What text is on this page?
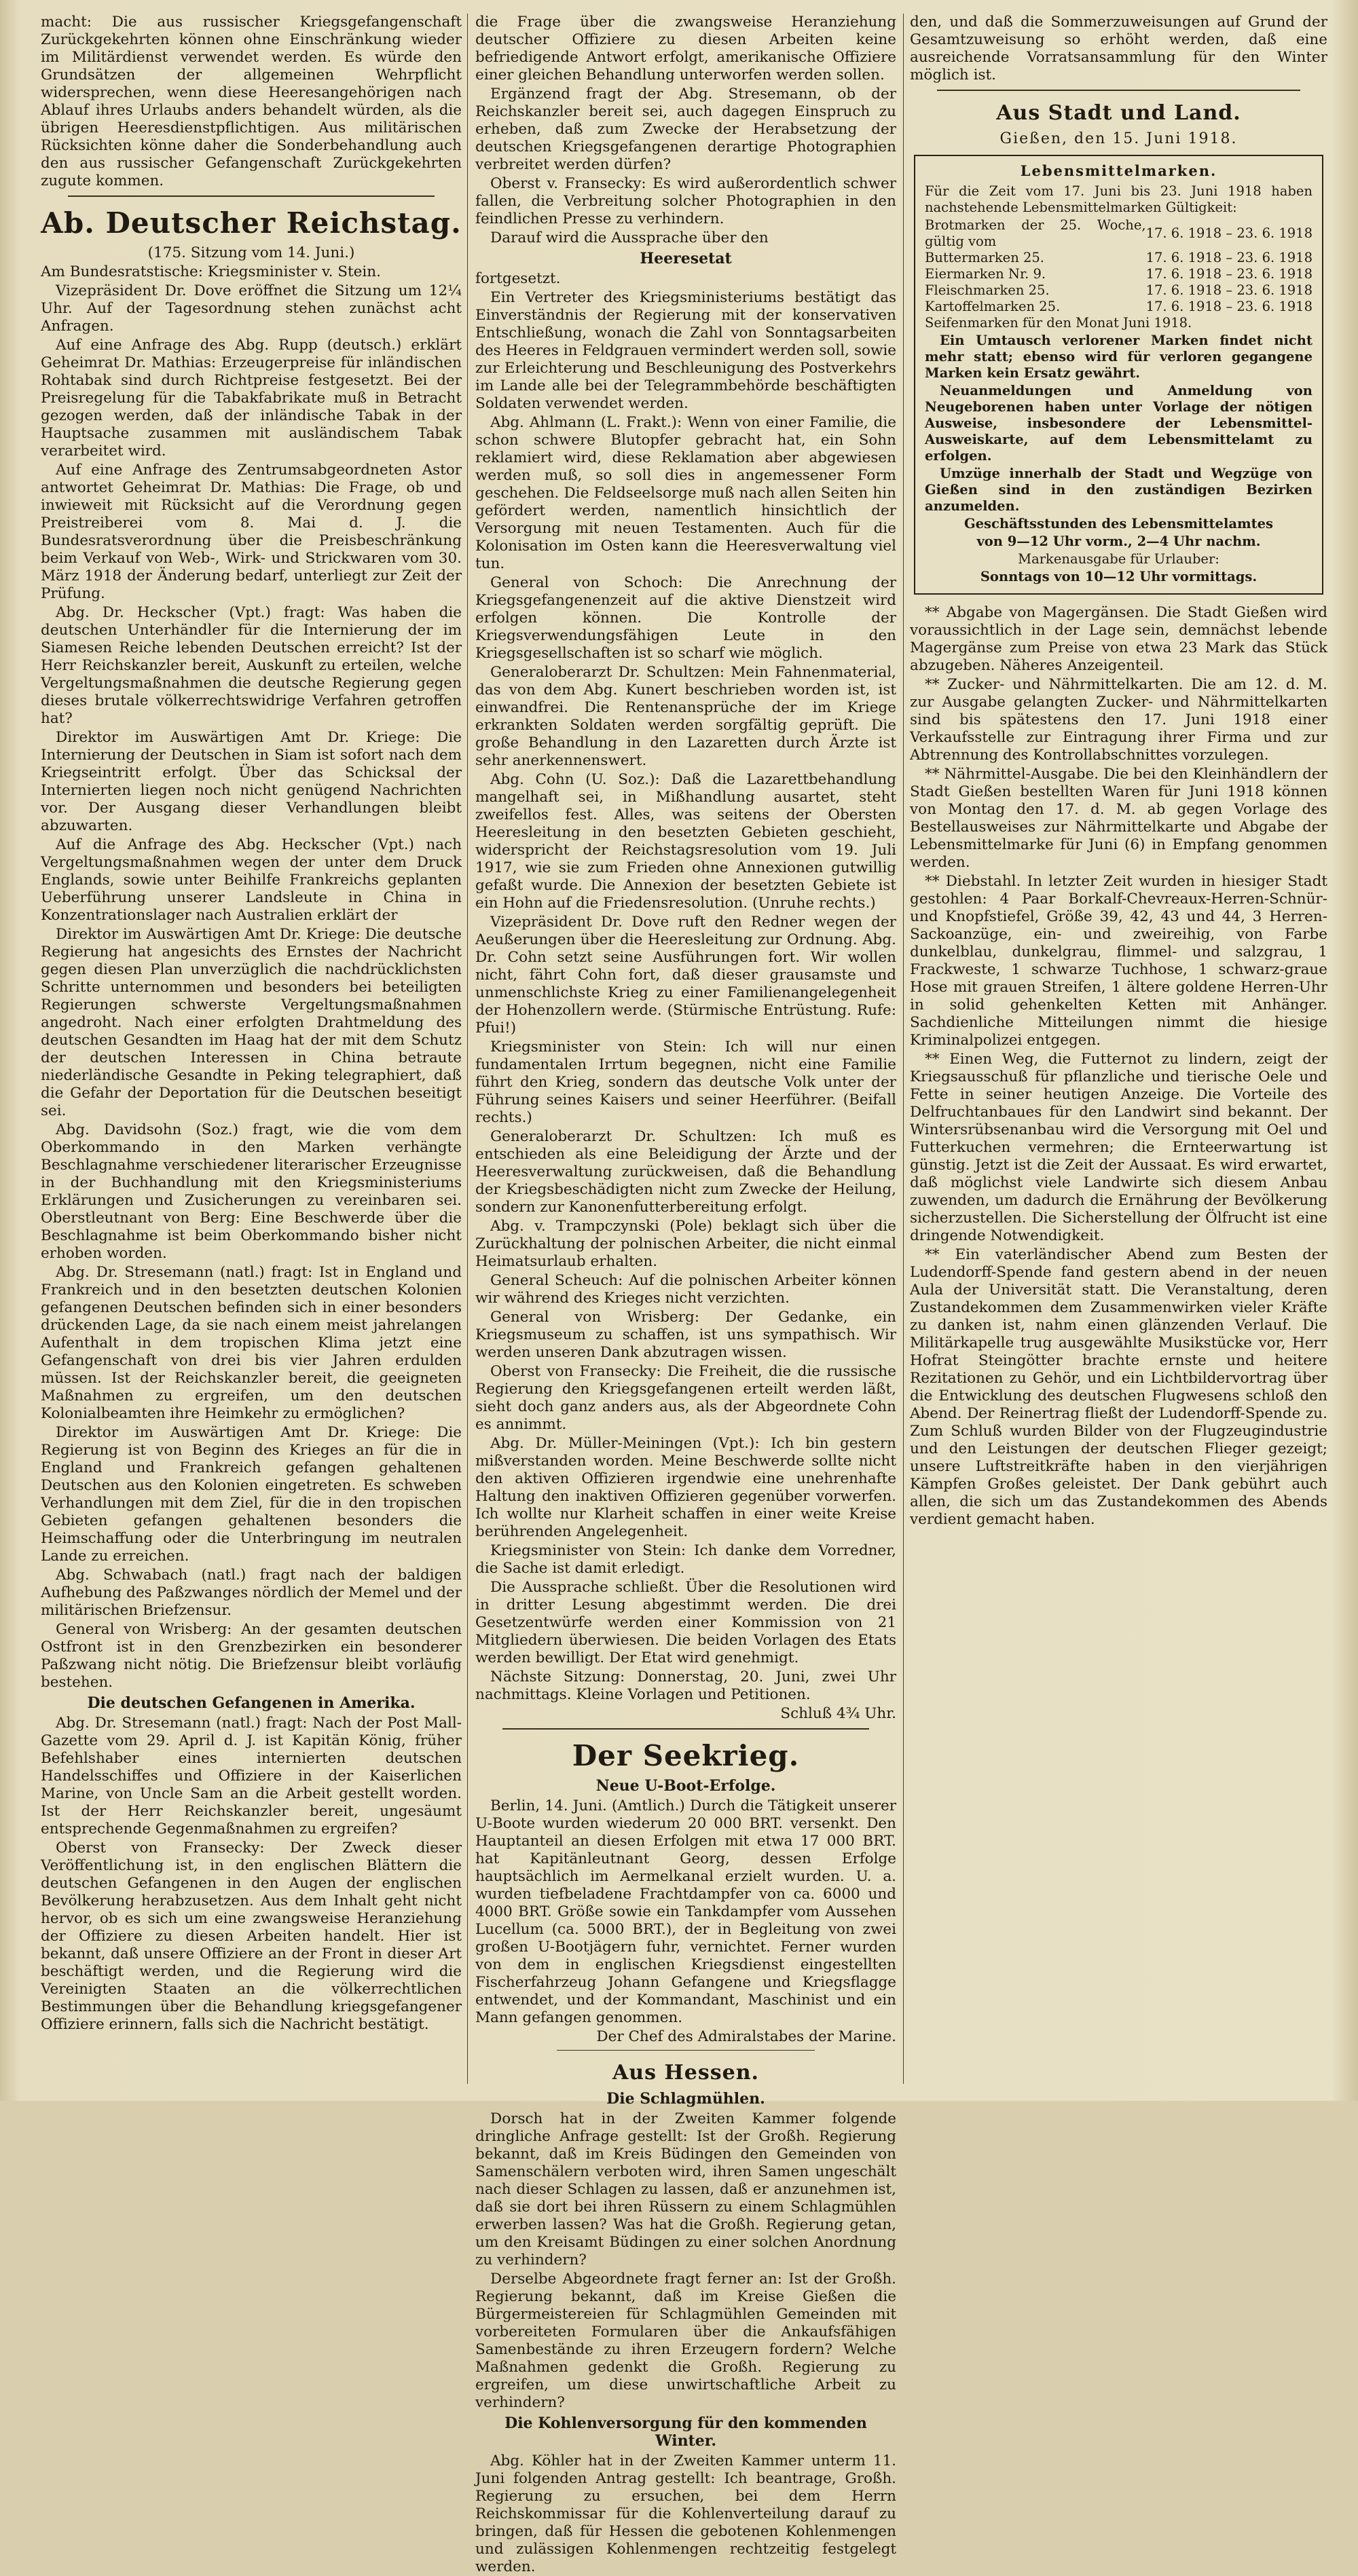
macht: Die aus russischer Kriegsgefangenschaft Zurückgekehrten können ohne Einschränkung wieder im Militärdienst verwendet werden. Es würde den Grundsätzen der allgemeinen Wehrpflicht widersprechen, wenn diese Heeresangehörigen nach Ablauf ihres Urlaubs anders behandelt würden, als die übrigen Heeresdienstpflichtigen. Aus militärischen Rücksichten könne daher die Sonderbehandlung auch den aus russischer Gefangenschaft Zurückgekehrten zugute kommen.

Ab. Deutscher Reichstag.

(175. Sitzung vom 14. Juni.)

Am Bundesratstische: Kriegsminister v. Stein.

Vizepräsident Dr. Dove eröffnet die Sitzung um 12¼ Uhr. Auf der Tagesordnung stehen zunächst acht Anfragen.

Auf eine Anfrage des Abg. Rupp (deutsch.) erklärt Geheimrat Dr. Mathias: Erzeugerpreise für inländischen Rohtabak sind durch Richtpreise festgesetzt. Bei der Preisregelung für die Tabakfabrikate muß in Betracht gezogen werden, daß der inländische Tabak in der Hauptsache zusammen mit ausländischem Tabak verarbeitet wird.

Auf eine Anfrage des Zentrumsabgeordneten Astor antwortet Geheimrat Dr. Mathias: Die Frage, ob und inwieweit mit Rücksicht auf die Verordnung gegen Preistreiberei vom 8. Mai d. J. die Bundesratsverordnung über die Preisbeschränkung beim Verkauf von Web-, Wirk- und Strickwaren vom 30. März 1918 der Änderung bedarf, unterliegt zur Zeit der Prüfung.

Abg. Dr. Heckscher (Vpt.) fragt: Was haben die deutschen Unterhändler für die Internierung der im Siamesen Reiche lebenden Deutschen erreicht? Ist der Herr Reichskanzler bereit, Auskunft zu erteilen, welche Vergeltungsmaßnahmen die deutsche Regierung gegen dieses brutale völkerrechtswidrige Verfahren getroffen hat?

Direktor im Auswärtigen Amt Dr. Kriege: Die Internierung der Deutschen in Siam ist sofort nach dem Kriegseintritt erfolgt. Über das Schicksal der Internierten liegen noch nicht genügend Nachrichten vor. Der Ausgang dieser Verhandlungen bleibt abzuwarten.

Auf die Anfrage des Abg. Heckscher (Vpt.) nach Vergeltungsmaßnahmen wegen der unter dem Druck Englands, sowie unter Beihilfe Frankreichs geplanten Ueberführung unserer Landsleute in China in Konzentrationslager nach Australien erklärt der

Direktor im Auswärtigen Amt Dr. Kriege: Die deutsche Regierung hat angesichts des Ernstes der Nachricht gegen diesen Plan unverzüglich die nachdrücklichsten Schritte unternommen und besonders bei beteiligten Regierungen schwerste Vergeltungsmaßnahmen angedroht. Nach einer erfolgten Drahtmeldung des deutschen Gesandten im Haag hat der mit dem Schutz der deutschen Interessen in China betraute niederländische Gesandte in Peking telegraphiert, daß die Gefahr der Deportation für die Deutschen beseitigt sei.

Abg. Davidsohn (Soz.) fragt, wie die vom dem Oberkommando in den Marken verhängte Beschlagnahme verschiedener literarischer Erzeugnisse in der Buchhandlung mit den Kriegsministeriums Erklärungen und Zusicherungen zu vereinbaren sei. Oberstleutnant von Berg: Eine Beschwerde über die Beschlagnahme ist beim Oberkommando bisher nicht erhoben worden.

Abg. Dr. Stresemann (natl.) fragt: Ist in England und Frankreich und in den besetzten deutschen Kolonien gefangenen Deutschen befinden sich in einer besonders drückenden Lage, da sie nach einem meist jahrelangen Aufenthalt in dem tropischen Klima jetzt eine Gefangenschaft von drei bis vier Jahren erdulden müssen. Ist der Reichskanzler bereit, die geeigneten Maßnahmen zu ergreifen, um den deutschen Kolonialbeamten ihre Heimkehr zu ermöglichen?

Direktor im Auswärtigen Amt Dr. Kriege: Die Regierung ist von Beginn des Krieges an für die in England und Frankreich gefangen gehaltenen Deutschen aus den Kolonien eingetreten. Es schweben Verhandlungen mit dem Ziel, für die in den tropischen Gebieten gefangen gehaltenen besonders die Heimschaffung oder die Unterbringung im neutralen Lande zu erreichen.

Abg. Schwabach (natl.) fragt nach der baldigen Aufhebung des Paßzwanges nördlich der Memel und der militärischen Briefzensur.

General von Wrisberg: An der gesamten deutschen Ostfront ist in den Grenzbezirken ein besonderer Paßzwang nicht nötig. Die Briefzensur bleibt vorläufig bestehen.

Die deutschen Gefangenen in Amerika.

Abg. Dr. Stresemann (natl.) fragt: Nach der Post Mall-Gazette vom 29. April d. J. ist Kapitän König, früher Befehlshaber eines internierten deutschen Handelsschiffes und Offiziere in der Kaiserlichen Marine, von Uncle Sam an die Arbeit gestellt worden. Ist der Herr Reichskanzler bereit, ungesäumt entsprechende Gegenmaßnahmen zu ergreifen?

Oberst von Fransecky: Der Zweck dieser Veröffentlichung ist, in den englischen Blättern die deutschen Gefangenen in den Augen der englischen Bevölkerung herabzusetzen. Aus dem Inhalt geht nicht hervor, ob es sich um eine zwangsweise Heranziehung der Offiziere zu diesen Arbeiten handelt. Hier ist bekannt, daß unsere Offiziere an der Front in dieser Art beschäftigt werden, und die Regierung wird die Vereinigten Staaten an die völkerrechtlichen Bestimmungen über die Behandlung kriegsgefangener Offiziere erinnern, falls sich die Nachricht bestätigt.

die Frage über die zwangsweise Heranziehung deutscher Offiziere zu diesen Arbeiten keine befriedigende Antwort erfolgt, amerikanische Offiziere einer gleichen Behandlung unterworfen werden sollen.

Ergänzend fragt der Abg. Stresemann, ob der Reichskanzler bereit sei, auch dagegen Einspruch zu erheben, daß zum Zwecke der Herabsetzung der deutschen Kriegsgefangenen derartige Photographien verbreitet werden dürfen?

Oberst v. Fransecky: Es wird außerordentlich schwer fallen, die Verbreitung solcher Photographien in den feindlichen Presse zu verhindern.

Darauf wird die Aussprache über den

Heeresetat

fortgesetzt.

Ein Vertreter des Kriegsministeriums bestätigt das Einverständnis der Regierung mit der konservativen Entschließung, wonach die Zahl von Sonntagsarbeiten des Heeres in Feldgrauen vermindert werden soll, sowie zur Erleichterung und Beschleunigung des Postverkehrs im Lande alle bei der Telegrammbehörde beschäftigten Soldaten verwendet werden.

Abg. Ahlmann (L. Frakt.): Wenn von einer Familie, die schon schwere Blutopfer gebracht hat, ein Sohn reklamiert wird, diese Reklamation aber abgewiesen werden muß, so soll dies in angemessener Form geschehen. Die Feldseelsorge muß nach allen Seiten hin gefördert werden, namentlich hinsichtlich der Versorgung mit neuen Testamenten. Auch für die Kolonisation im Osten kann die Heeresverwaltung viel tun.

General von Schoch: Die Anrechnung der Kriegsgefangenenzeit auf die aktive Dienstzeit wird erfolgen können. Die Kontrolle der Kriegsverwendungsfähigen Leute in den Kriegsgesellschaften ist so scharf wie möglich.

Generaloberarzt Dr. Schultzen: Mein Fahnenmaterial, das von dem Abg. Kunert beschrieben worden ist, ist einwandfrei. Die Rentenansprüche der im Kriege erkrankten Soldaten werden sorgfältig geprüft. Die große Behandlung in den Lazaretten durch Ärzte ist sehr anerkennenswert.

Abg. Cohn (U. Soz.): Daß die Lazarettbehandlung mangelhaft sei, in Mißhandlung ausartet, steht zweifellos fest. Alles, was seitens der Obersten Heeresleitung in den besetzten Gebieten geschieht, widerspricht der Reichstagsresolution vom 19. Juli 1917, wie sie zum Frieden ohne Annexionen gutwillig gefaßt wurde. Die Annexion der besetzten Gebiete ist ein Hohn auf die Friedensresolution. (Unruhe rechts.)

Vizepräsident Dr. Dove ruft den Redner wegen der Aeußerungen über die Heeresleitung zur Ordnung. Abg. Dr. Cohn setzt seine Ausführungen fort. Wir wollen nicht, fährt Cohn fort, daß dieser grausamste und unmenschlichste Krieg zu einer Familienangelegenheit der Hohenzollern werde. (Stürmische Entrüstung. Rufe: Pfui!)

Kriegsminister von Stein: Ich will nur einen fundamentalen Irrtum begegnen, nicht eine Familie führt den Krieg, sondern das deutsche Volk unter der Führung seines Kaisers und seiner Heerführer. (Beifall rechts.)

Generaloberarzt Dr. Schultzen: Ich muß es entschieden als eine Beleidigung der Ärzte und der Heeresverwaltung zurückweisen, daß die Behandlung der Kriegsbeschädigten nicht zum Zwecke der Heilung, sondern zur Kanonenfutterbereitung erfolgt.

Abg. v. Trampczynski (Pole) beklagt sich über die Zurückhaltung der polnischen Arbeiter, die nicht einmal Heimatsurlaub erhalten.

General Scheuch: Auf die polnischen Arbeiter können wir während des Krieges nicht verzichten.

General von Wrisberg: Der Gedanke, ein Kriegsmuseum zu schaffen, ist uns sympathisch. Wir werden unseren Dank abzutragen wissen.

Oberst von Fransecky: Die Freiheit, die die russische Regierung den Kriegsgefangenen erteilt werden läßt, sieht doch ganz anders aus, als der Abgeordnete Cohn es annimmt.

Abg. Dr. Müller-Meiningen (Vpt.): Ich bin gestern mißverstanden worden. Meine Beschwerde sollte nicht den aktiven Offizieren irgendwie eine unehrenhafte Haltung den inaktiven Offizieren gegenüber vorwerfen. Ich wollte nur Klarheit schaffen in einer weite Kreise berührenden Angelegenheit.

Kriegsminister von Stein: Ich danke dem Vorredner, die Sache ist damit erledigt.

Die Aussprache schließt. Über die Resolutionen wird in dritter Lesung abgestimmt werden. Die drei Gesetzentwürfe werden einer Kommission von 21 Mitgliedern überwiesen. Die beiden Vorlagen des Etats werden bewilligt. Der Etat wird genehmigt.

Nächste Sitzung: Donnerstag, 20. Juni, zwei Uhr nachmittags. Kleine Vorlagen und Petitionen.

Schluß 4¾ Uhr.

Der Seekrieg.
Neue U-Boot-Erfolge.

Berlin, 14. Juni. (Amtlich.) Durch die Tätigkeit unserer U-Boote wurden wiederum 20 000 BRT. versenkt. Den Hauptanteil an diesen Erfolgen mit etwa 17 000 BRT. hat Kapitänleutnant Georg, dessen Erfolge hauptsächlich im Aermelkanal erzielt wurden. U. a. wurden tiefbeladene Frachtdampfer von ca. 6000 und 4000 BRT. Größe sowie ein Tankdampfer vom Aussehen Lucellum (ca. 5000 BRT.), der in Begleitung von zwei großen U-Bootjägern fuhr, vernichtet. Ferner wurden von dem in englischen Kriegsdienst eingestellten Fischerfahrzeug Johann Gefangene und Kriegsflagge entwendet, und der Kommandant, Maschinist und ein Mann gefangen genommen.

Der Chef des Admiralstabes der Marine.

Aus Hessen.
Die Schlagmühlen.

Dorsch hat in der Zweiten Kammer folgende dringliche Anfrage gestellt: Ist der Großh. Regierung bekannt, daß im Kreis Büdingen den Gemeinden von Samenschälern verboten wird, ihren Samen ungeschält nach dieser Schlagen zu lassen, daß er anzunehmen ist, daß sie dort bei ihren Rüssern zu einem Schlagmühlen erwerben lassen? Was hat die Großh. Regierung getan, um den Kreisamt Büdingen zu einer solchen Anordnung zu verhindern?

Derselbe Abgeordnete fragt ferner an: Ist der Großh. Regierung bekannt, daß im Kreise Gießen die Bürgermeistereien für Schlagmühlen Gemeinden mit vorbereiteten Formularen über die Ankaufsfähigen Samenbestände zu ihren Erzeugern fordern? Welche Maßnahmen gedenkt die Großh. Regierung zu ergreifen, um diese unwirtschaftliche Arbeit zu verhindern?

Die Kohlenversorgung für den kommenden Winter.

Abg. Köhler hat in der Zweiten Kammer unterm 11. Juni folgenden Antrag gestellt: Ich beantrage, Großh. Regierung zu ersuchen, bei dem Herrn Reichskommissar für die Kohlenverteilung darauf zu bringen, daß für Hessen die gebotenen Kohlenmengen und zulässigen Kohlenmengen rechtzeitig festgelegt werden.

den, und daß die Sommerzuweisungen auf Grund der Gesamtzuweisung so erhöht werden, daß eine ausreichende Vorratsansammlung für den Winter möglich ist.

Aus Stadt und Land.
Gießen, den 15. Juni 1918.
Lebensmittelmarken.

Für die Zeit vom 17. Juni bis 23. Juni 1918 haben nachstehende Lebensmittelmarken Gültigkeit:

Brotmarken der 25. Woche, gültig vom	17. 6. 1918 – 23. 6. 1918
Buttermarken 25.	17. 6. 1918 – 23. 6. 1918
Eiermarken Nr. 9.	17. 6. 1918 – 23. 6. 1918
Fleischmarken 25.	17. 6. 1918 – 23. 6. 1918
Kartoffelmarken 25.	17. 6. 1918 – 23. 6. 1918

Seifenmarken für den Monat Juni 1918.

Ein Umtausch verlorener Marken findet nicht mehr statt; ebenso wird für verloren gegangene Marken kein Ersatz gewährt.

Neuanmeldungen und Anmeldung von Neugeborenen haben unter Vorlage der nötigen Ausweise, insbesondere der Lebensmittel-Ausweiskarte, auf dem Lebensmittelamt zu erfolgen.

Umzüge innerhalb der Stadt und Wegzüge von Gießen sind in den zuständigen Bezirken anzumelden.

Geschäftsstunden des Lebensmittelamtes

von 9—12 Uhr vorm., 2—4 Uhr nachm.

Markenausgabe für Urlauber:

Sonntags von 10—12 Uhr vormittags.

** Abgabe von Magergänsen. Die Stadt Gießen wird voraussichtlich in der Lage sein, demnächst lebende Magergänse zum Preise von etwa 23 Mark das Stück abzugeben. Näheres Anzeigenteil.

** Zucker- und Nährmittelkarten. Die am 12. d. M. zur Ausgabe gelangten Zucker- und Nährmittelkarten sind bis spätestens den 17. Juni 1918 einer Verkaufsstelle zur Eintragung ihrer Firma und zur Abtrennung des Kontrollabschnittes vorzulegen.

** Nährmittel-Ausgabe. Die bei den Kleinhändlern der Stadt Gießen bestellten Waren für Juni 1918 können von Montag den 17. d. M. ab gegen Vorlage des Bestellausweises zur Nährmittelkarte und Abgabe der Lebensmittelmarke für Juni (6) in Empfang genommen werden.

** Diebstahl. In letzter Zeit wurden in hiesiger Stadt gestohlen: 4 Paar Borkalf-Chevreaux-Herren-Schnür- und Knopfstiefel, Größe 39, 42, 43 und 44, 3 Herren-Sackoanzüge, ein- und zweireihig, von Farbe dunkelblau, dunkelgrau, flimmel- und salzgrau, 1 Frackweste, 1 schwarze Tuchhose, 1 schwarz-graue Hose mit grauen Streifen, 1 ältere goldene Herren-Uhr in solid gehenkelten Ketten mit Anhänger. Sachdienliche Mitteilungen nimmt die hiesige Kriminalpolizei entgegen.

** Einen Weg, die Futternot zu lindern, zeigt der Kriegsausschuß für pflanzliche und tierische Oele und Fette in seiner heutigen Anzeige. Die Vorteile des Delfruchtanbaues für den Landwirt sind bekannt. Der Wintersrübsenanbau wird die Versorgung mit Oel und Futterkuchen vermehren; die Ernteerwartung ist günstig. Jetzt ist die Zeit der Aussaat. Es wird erwartet, daß möglichst viele Landwirte sich diesem Anbau zuwenden, um dadurch die Ernährung der Bevölkerung sicherzustellen. Die Sicherstellung der Ölfrucht ist eine dringende Notwendigkeit.

** Ein vaterländischer Abend zum Besten der Ludendorff-Spende fand gestern abend in der neuen Aula der Universität statt. Die Veranstaltung, deren Zustandekommen dem Zusammenwirken vieler Kräfte zu danken ist, nahm einen glänzenden Verlauf. Die Militärkapelle trug ausgewählte Musikstücke vor, Herr Hofrat Steingötter brachte ernste und heitere Rezitationen zu Gehör, und ein Lichtbildervortrag über die Entwicklung des deutschen Flugwesens schloß den Abend. Der Reinertrag fließt der Ludendorff-Spende zu. Zum Schluß wurden Bilder von der Flugzeugindustrie und den Leistungen der deutschen Flieger gezeigt; unsere Luftstreitkräfte haben in den vierjährigen Kämpfen Großes geleistet. Der Dank gebührt auch allen, die sich um das Zustandekommen des Abends verdient gemacht haben.
